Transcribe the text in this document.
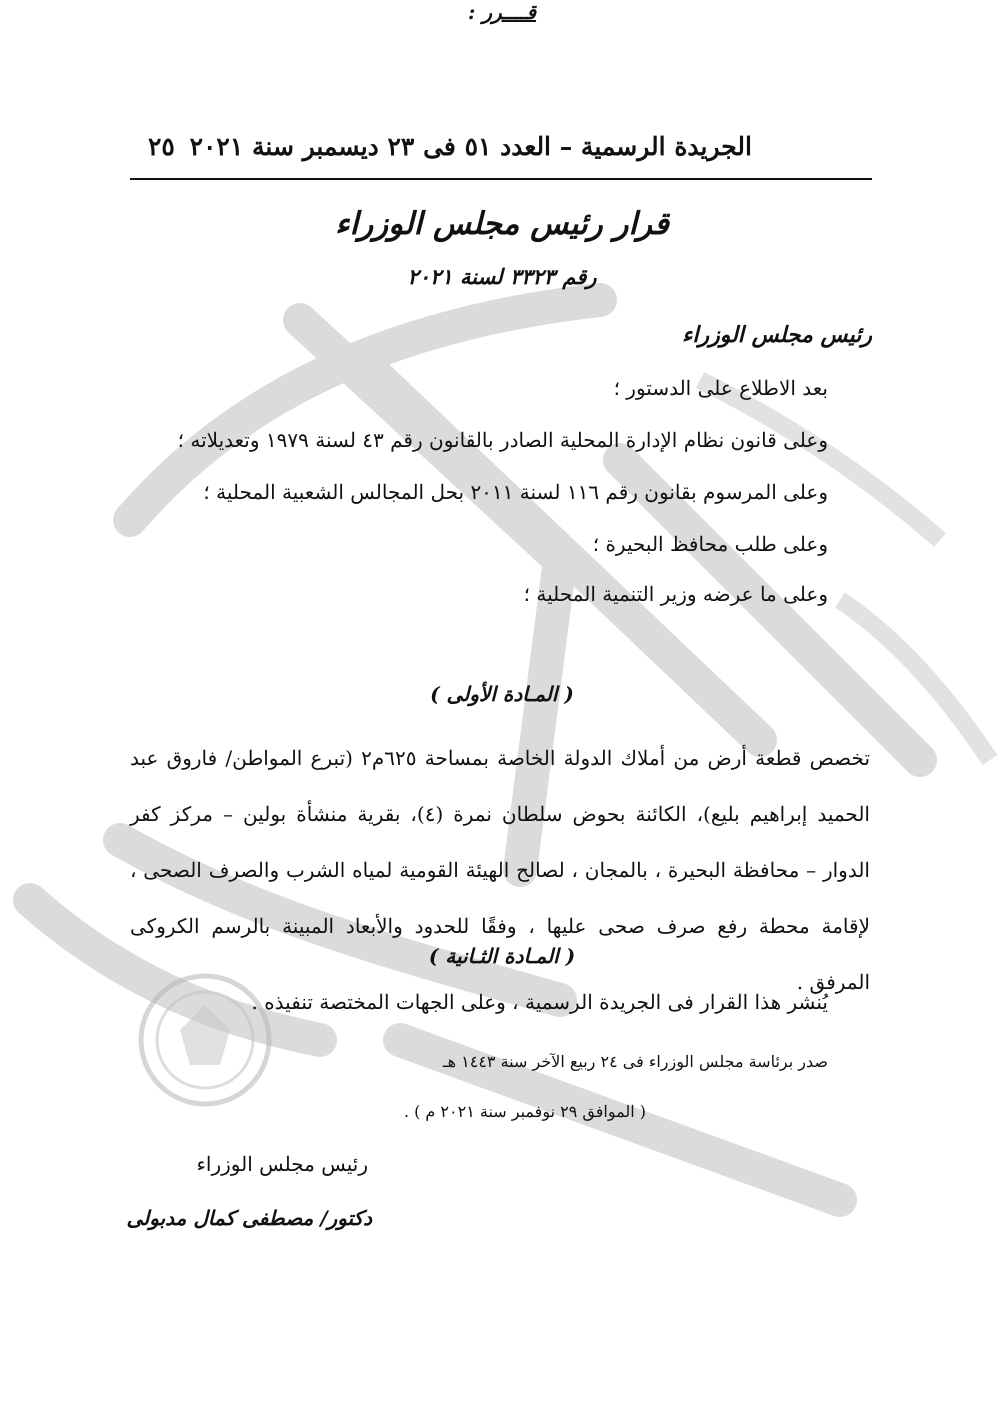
الجريدة الرسمية – العدد ٥١ فى ٢٣ ديسمبر سنة ٢٠٢١
٢٥
قرار رئيس مجلس الوزراء
رقم ٣٣٢٣ لسنة ٢٠٢١
رئيس مجلس الوزراء
بعد الاطلاع على الدستور ؛
وعلى قانون نظام الإدارة المحلية الصادر بالقانون رقم ٤٣ لسنة ١٩٧٩ وتعديلاته ؛
وعلى المرسوم بقانون رقم ١١٦ لسنة ٢٠١١ بحل المجالس الشعبية المحلية ؛
وعلى طلب محافظ البحيرة ؛
وعلى ما عرضه وزير التنمية المحلية ؛
قــــرر :
( المـادة الأولى )
تخصص قطعة أرض من أملاك الدولة الخاصة بمساحة ٦٢٥م٢ (تبرع المواطن/ فاروق عبد الحميد إبراهيم بليع)، الكائنة بحوض سلطان نمرة (٤)، بقرية منشأة بولين – مركز كفر الدوار – محافظة البحيرة ، بالمجان ، لصالح الهيئة القومية لمياه الشرب والصرف الصحى ، لإقامة محطة رفع صرف صحى عليها ، وفقًا للحدود والأبعاد المبينة بالرسم الكروكى المرفق .
( المـادة الثـانية )
يُنشر هذا القرار فى الجريدة الرسمية ، وعلى الجهات المختصة تنفيذه .
صدر برئاسة مجلس الوزراء فى ٢٤ ربيع الآخر سنة ١٤٤٣ هـ
( الموافق ٢٩ نوفمبر سنة ٢٠٢١ م ) .
رئيس مجلس الوزراء
دكتور/ مصطفى كمال مدبولى
